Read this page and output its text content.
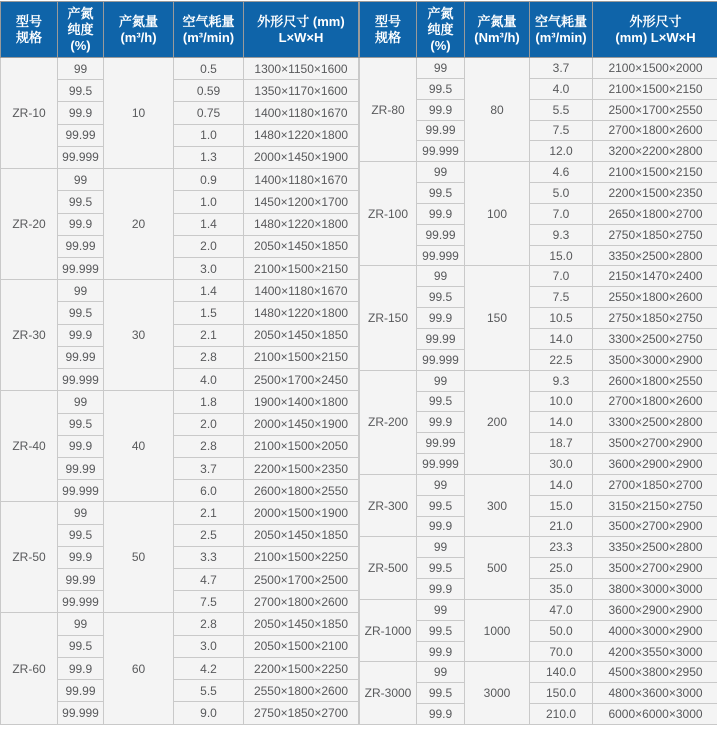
型号
规格

产氮
纯度
(%)

产氮量
(m³/h)

空气耗量
(m³/min)

外形尺寸 (mm)
L×W×H

ZR-10	99	10	0.5	1300×1150×1600
	99.5		0.59	1350×1170×1600
	99.9		0.75	1400×1180×1670
	99.99		1.0	1480×1220×1800
	99.999		1.3	2000×1450×1900
ZR-20	99	20	0.9	1400×1180×1670
	99.5		1.0	1450×1200×1700
	99.9		1.4	1480×1220×1800
	99.99		2.0	2050×1450×1850
	99.999		3.0	2100×1500×2150
ZR-30	99	30	1.4	1400×1180×1670
	99.5		1.5	1480×1220×1800
	99.9		2.1	2050×1450×1850
	99.99		2.8	2100×1500×2150
	99.999		4.0	2500×1700×2450
ZR-40	99	40	1.8	1900×1400×1800
	99.5		2.0	2000×1450×1900
	99.9		2.8	2100×1500×2050
	99.99		3.7	2200×1500×2350
	99.999		6.0	2600×1800×2550
ZR-50	99	50	2.1	2000×1500×1900
	99.5		2.5	2050×1450×1850
	99.9		3.3	2100×1500×2250
	99.99		4.7	2500×1700×2500
	99.999		7.5	2700×1800×2600
ZR-60	99	60	2.8	2050×1450×1850
	99.5		3.0	2050×1500×2100
	99.9		4.2	2200×1500×2250
	99.99		5.5	2550×1800×2600
	99.999		9.0	2750×1850×2700
型号
规格

产氮
纯度
(%)

产氮量
(Nm³/h)

空气耗量
(m³/min)

外形尺寸
(mm) L×W×H

ZR-80	99	80	3.7	2100×1500×2000
	99.5		4.0	2100×1500×2150
	99.9		5.5	2500×1700×2550
	99.99		7.5	2700×1800×2600
	99.999		12.0	3200×2200×2800
ZR-100	99	100	4.6	2100×1500×2150
	99.5		5.0	2200×1500×2350
	99.9		7.0	2650×1800×2700
	99.99		9.3	2750×1850×2750
	99.999		15.0	3350×2500×2800
ZR-150	99	150	7.0	2150×1470×2400
	99.5		7.5	2550×1800×2600
	99.9		10.5	2750×1850×2750
	99.99		14.0	3300×2500×2750
	99.999		22.5	3500×3000×2900
ZR-200	99	200	9.3	2600×1800×2550
	99.5		10.0	2700×1800×2600
	99.9		14.0	3300×2500×2800
	99.99		18.7	3500×2700×2900
	99.999		30.0	3600×2900×2900
ZR-300	99	300	14.0	2700×1850×2700
	99.5		15.0	3150×2150×2750
	99.9		21.0	3500×2700×2900
ZR-500	99	500	23.3	3350×2500×2800
	99.5		25.0	3500×2700×2900
	99.9		35.0	3800×3000×3000
ZR-1000	99	1000	47.0	3600×2900×2900
	99.5		50.0	4000×3000×2900
	99.9		70.0	4200×3550×3000
ZR-3000	99	3000	140.0	4500×3800×2950
	99.5		150.0	4800×3600×3000
	99.9		210.0	6000×6000×3000
